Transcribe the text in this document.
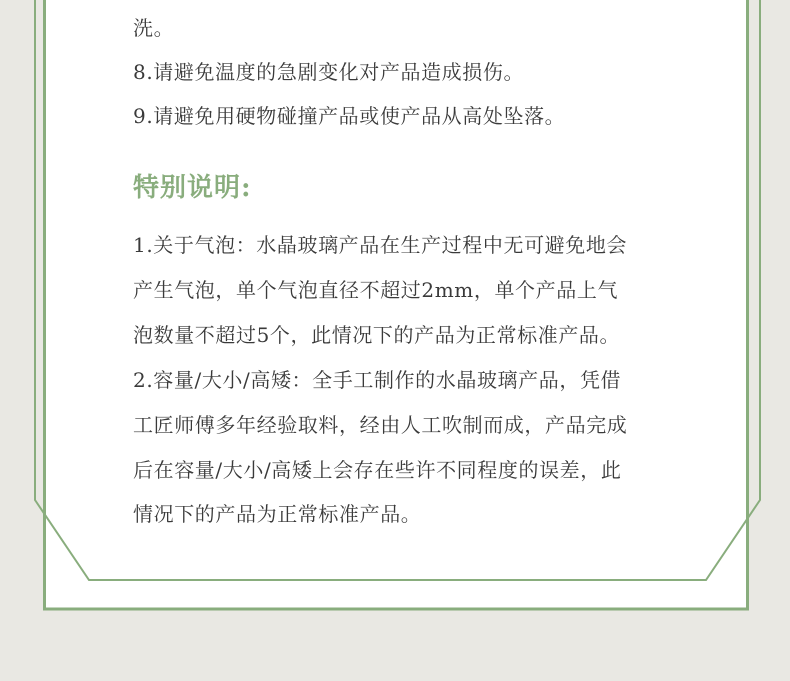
洗。
8.请避免温度的急剧变化对产品造成损伤。
9.请避免用硬物碰撞产品或使产品从高处坠落。
特别说明:
1.关于气泡：水晶玻璃产品在生产过程中无可避免地会
产生气泡，单个气泡直径不超过2mm，单个产品上气
泡数量不超过5个，此情况下的产品为正常标准产品。
2.容量/大小/高矮：全手工制作的水晶玻璃产品，凭借
工匠师傅多年经验取料，经由人工吹制而成，产品完成
后在容量/大小/高矮上会存在些许不同程度的误差，此
情况下的产品为正常标准产品。
